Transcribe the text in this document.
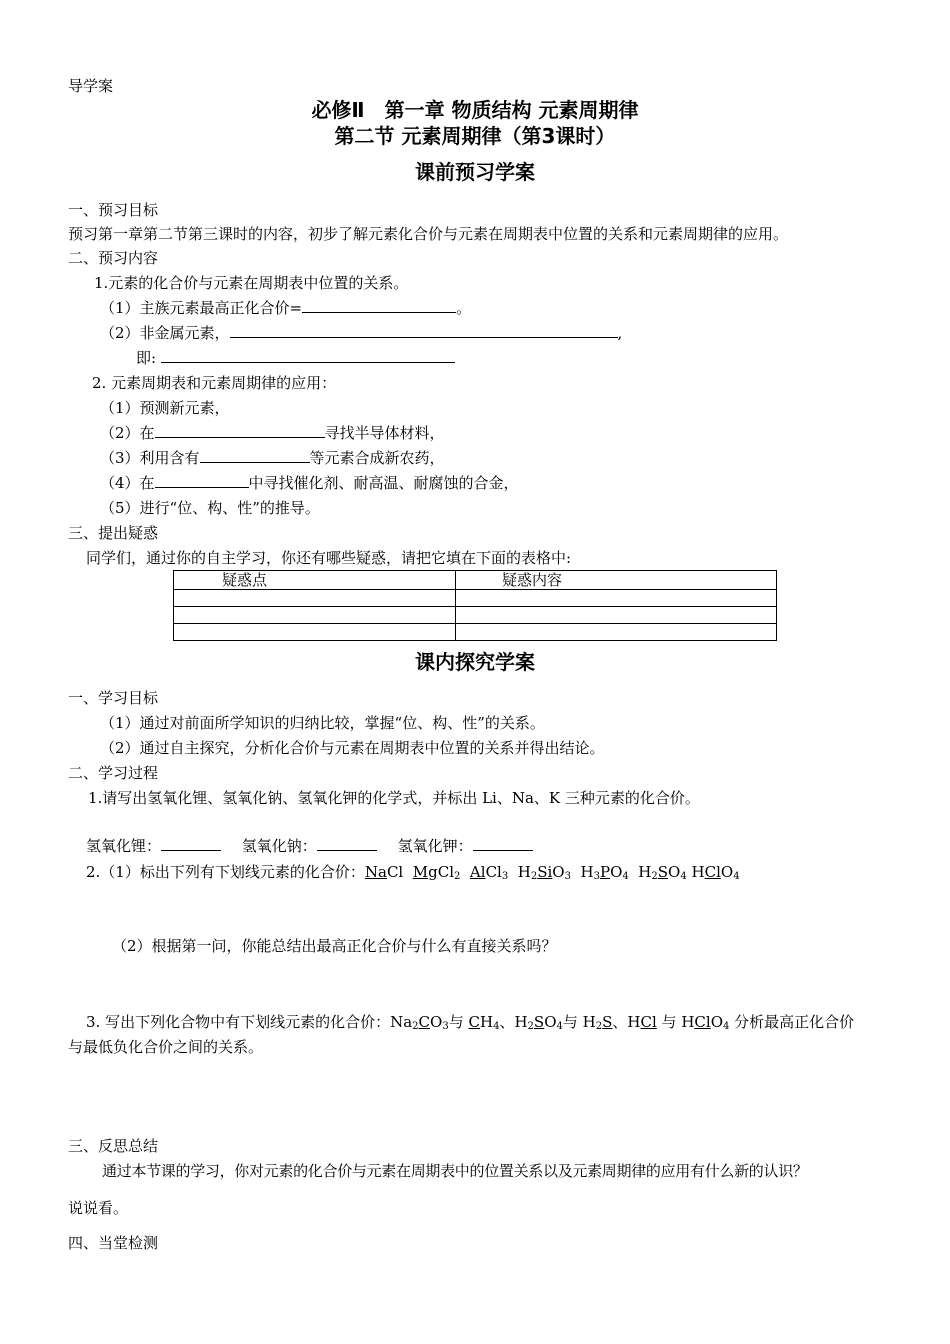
导学案
必修Ⅱ　第一章 物质结构 元素周期律
第二节 元素周期律（第3课时）
课前预习学案
一、预习目标
预习第一章第二节第三课时的内容，初步了解元素化合价与元素在周期表中位置的关系和元素周期律的应用。
二、预习内容
1.元素的化合价与元素在周期表中位置的关系。
（1）主族元素最高正化合价=	。
（2）非金属元素，	,
即:
2. 元素周期表和元素周期律的应用：
（1）预测新元素，
（2）在	寻找半导体材料，
（3）利用含有	等元素合成新农药，
（4）在	中寻找催化剂、耐高温、耐腐蚀的合金，
（5）进行“位、构、性”的推导。
三、提出疑惑
同学们，通过你的自主学习，你还有哪些疑惑，请把它填在下面的表格中:
疑惑点	疑惑内容

课内探究学案
一、学习目标
（1）通过对前面所学知识的归纳比较，掌握“位、构、性”的关系。
（2）通过自主探究，分析化合价与元素在周期表中位置的关系并得出结论。
二、学习过程
1.请写出氢氧化锂、氢氧化钠、氢氧化钾的化学式，并标出 Li、Na、K 三种元素的化合价。
氢氧化锂：	氢氧化钠：	氢氧化钾：
2.（1）标出下列有下划线元素的化合价：NaCl  MgCl$_2$ AlCl$_3$  $H_2SiO_3$  $H_3PO_4$  $H_2SO_4$ HClO$_4$
（2）根据第一问，你能总结出最高正化合价与什么有直接关系吗？
3. 写出下列化合物中有下划线元素的化合价：$Na_2CO_3$与 $CH_4$、$H_2SO_4$与 $H_2S$、HCl 与 HClO$_4$ 分析最高正化合价
与最低负化合价之间的关系。
三、反思总结
通过本节课的学习，你对元素的化合价与元素在周期表中的位置关系以及元素周期律的应用有什么新的认识？
说说看。
四、当堂检测
